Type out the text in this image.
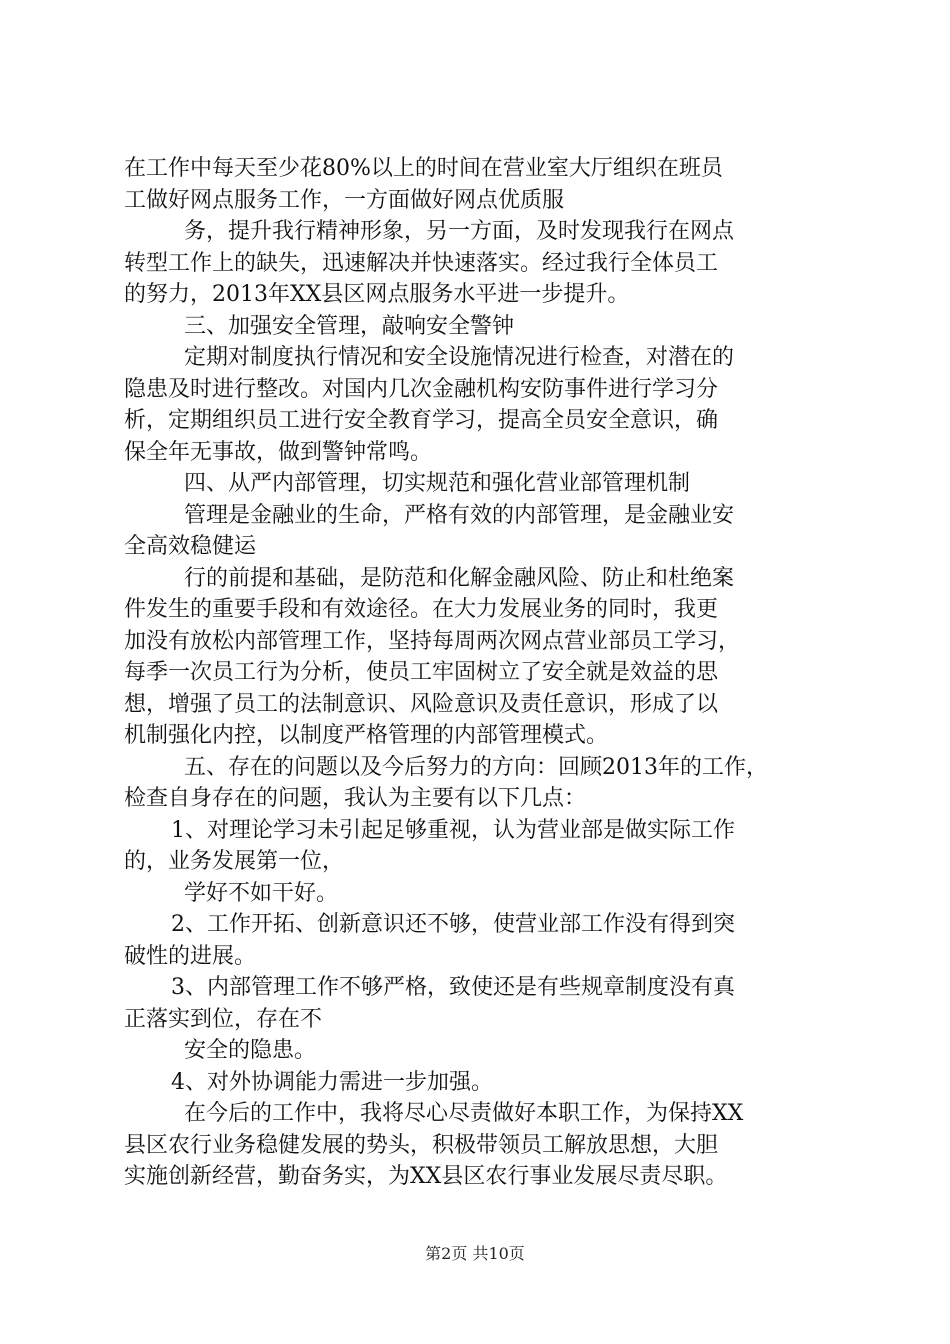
在工作中每天至少花80%以上的时间在营业室大厅组织在班员
工做好网点服务工作，一方面做好网点优质服
务，提升我行精神形象，另一方面，及时发现我行在网点
转型工作上的缺失，迅速解决并快速落实。经过我行全体员工
的努力，2013年XX县区网点服务水平进一步提升。
三、加强安全管理，敲响安全警钟
定期对制度执行情况和安全设施情况进行检查，对潜在的
隐患及时进行整改。对国内几次金融机构安防事件进行学习分
析，定期组织员工进行安全教育学习，提高全员安全意识，确
保全年无事故，做到警钟常鸣。
四、从严内部管理，切实规范和强化营业部管理机制
管理是金融业的生命，严格有效的内部管理，是金融业安
全高效稳健运
行的前提和基础，是防范和化解金融风险、防止和杜绝案
件发生的重要手段和有效途径。在大力发展业务的同时，我更
加没有放松内部管理工作，坚持每周两次网点营业部员工学习，
每季一次员工行为分析，使员工牢固树立了安全就是效益的思
想，增强了员工的法制意识、风险意识及责任意识，形成了以
机制强化内控，以制度严格管理的内部管理模式。
五、存在的问题以及今后努力的方向：回顾2013年的工作，
检查自身存在的问题，我认为主要有以下几点：
1、对理论学习未引起足够重视，认为营业部是做实际工作
的，业务发展第一位，
学好不如干好。
2、工作开拓、创新意识还不够，使营业部工作没有得到突
破性的进展。
3、内部管理工作不够严格，致使还是有些规章制度没有真
正落实到位，存在不
安全的隐患。
4、对外协调能力需进一步加强。
在今后的工作中，我将尽心尽责做好本职工作，为保持XX
县区农行业务稳健发展的势头，积极带领员工解放思想，大胆
实施创新经营，勤奋务实，为XX县区农行事业发展尽责尽职。
第2页 共10页
